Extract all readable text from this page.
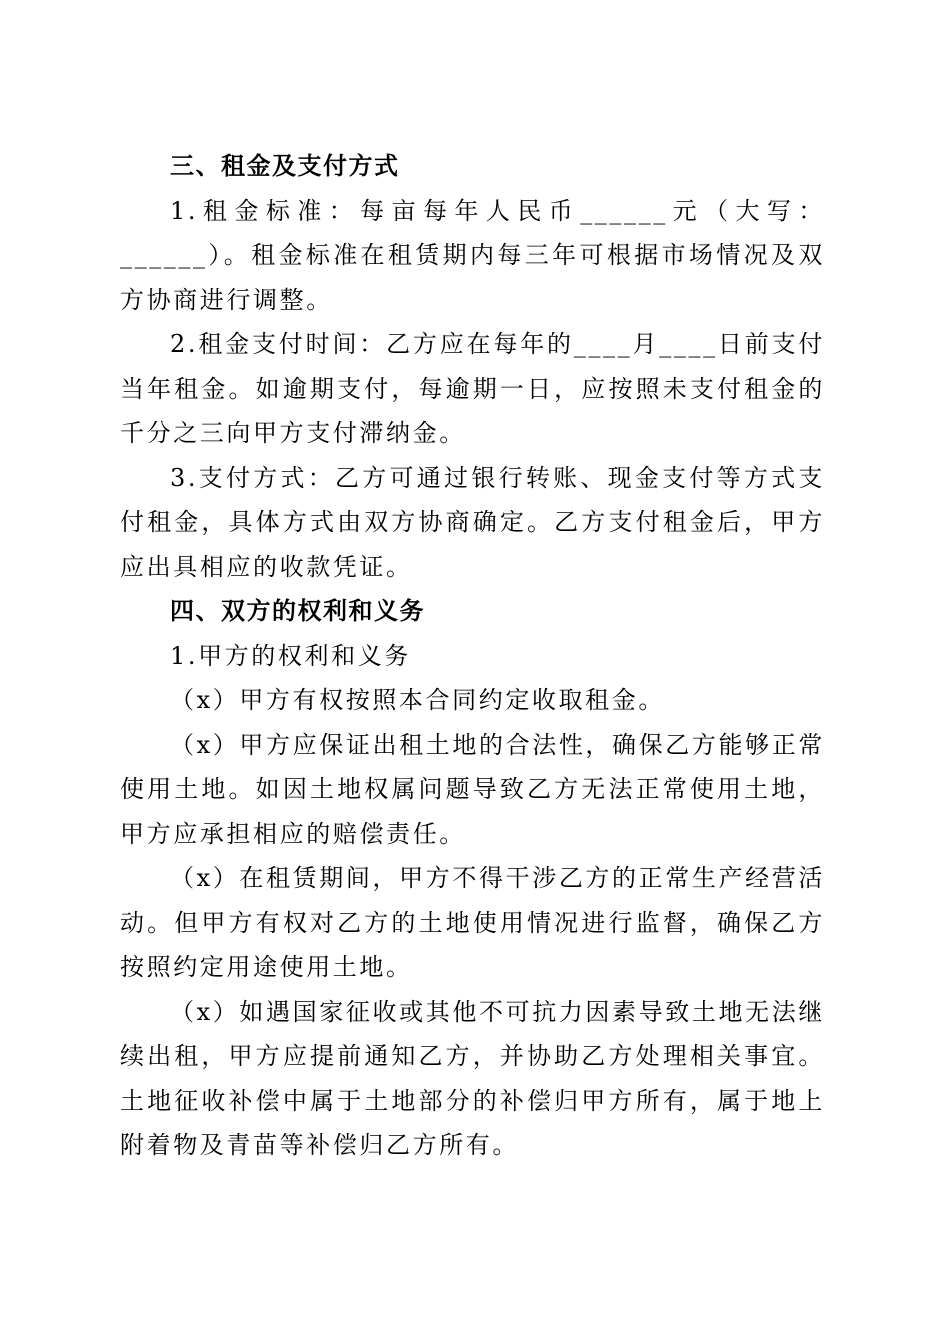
三、租金及支付方式

1.租金标准：每亩每年人民币______元（大写：______）。租金标准在租赁期内每三年可根据市场情况及双方协商进行调整。

2.租金支付时间：乙方应在每年的____月____日前支付当年租金。如逾期支付，每逾期一日，应按照未支付租金的千分之三向甲方支付滞纳金。

3.支付方式：乙方可通过银行转账、现金支付等方式支付租金，具体方式由双方协商确定。乙方支付租金后，甲方应出具相应的收款凭证。

四、双方的权利和义务

1.甲方的权利和义务

（x）甲方有权按照本合同约定收取租金。

（x）甲方应保证出租土地的合法性，确保乙方能够正常使用土地。如因土地权属问题导致乙方无法正常使用土地，甲方应承担相应的赔偿责任。

（x）在租赁期间，甲方不得干涉乙方的正常生产经营活动。但甲方有权对乙方的土地使用情况进行监督，确保乙方按照约定用途使用土地。

（x）如遇国家征收或其他不可抗力因素导致土地无法继续出租，甲方应提前通知乙方，并协助乙方处理相关事宜。土地征收补偿中属于土地部分的补偿归甲方所有，属于地上附着物及青苗等补偿归乙方所有。
